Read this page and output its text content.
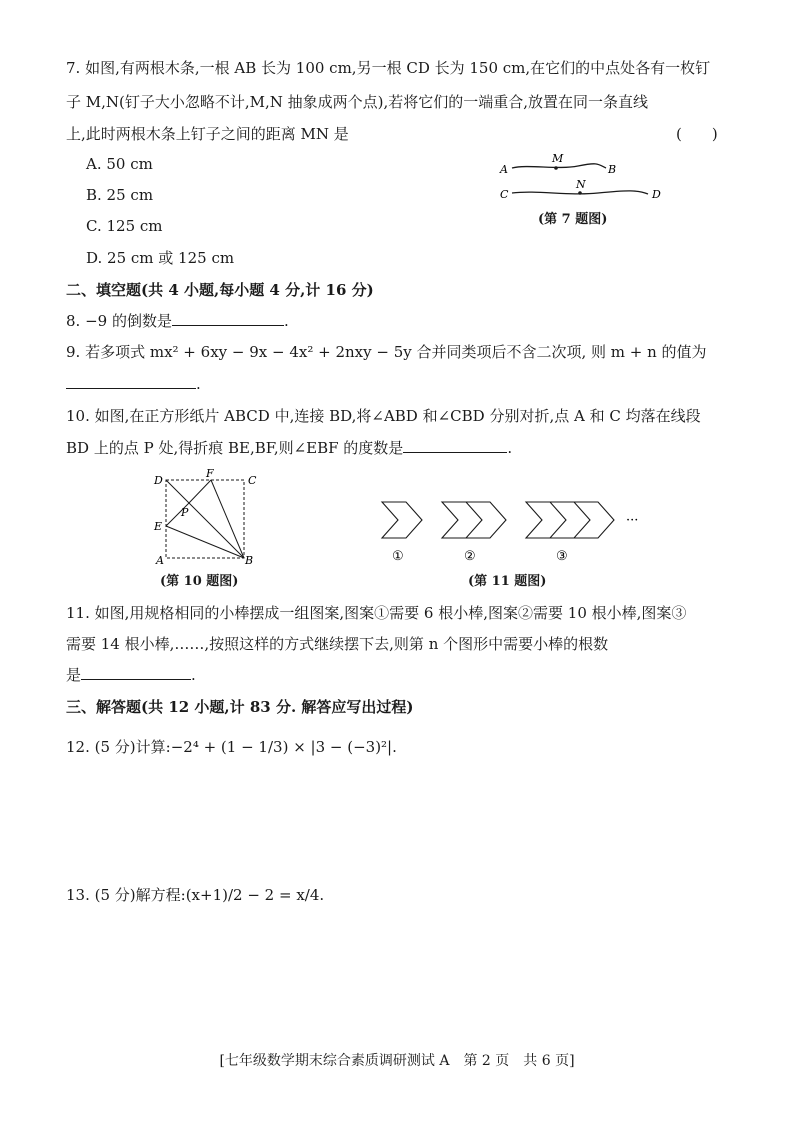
7. 如图,有两根木条,一根 AB 长为 100 cm,另一根 CD 长为 150 cm,在它们的中点处各有一枚钉
子 M,N(钉子大小忽略不计,M,N 抽象成两个点),若将它们的一端重合,放置在同一条直线
上,此时两根木条上钉子之间的距离 MN 是	(　　)
A. 50 cm
B. 25 cm
C. 125 cm
D. 25 cm 或 125 cm
A
M
B
C
N
D
(第 7 题图)
二、填空题(共 4 小题,每小题 4 分,计 16 分)
8. −9 的倒数是	.
9. 若多项式 mx² + 6xy − 9x − 4x² + 2nxy − 5y 合并同类项后不含二次项, 则 m + n 的值为
.
10. 如图,在正方形纸片 ABCD 中,连接 BD,将∠ABD 和∠CBD 分别对折,点 A 和 C 均落在线段
BD 上的点 P 处,得折痕 BE,BF,则∠EBF 的度数是	.
D
F
C
P
E
A	B
(第 10 题图)
···
①	②	③
(第 11 题图)
11. 如图,用规格相同的小棒摆成一组图案,图案①需要 6 根小棒,图案②需要 10 根小棒,图案③
需要 14 根小棒,……,按照这样的方式继续摆下去,则第 n 个图形中需要小棒的根数
是	.
三、解答题(共 12 小题,计 83 分. 解答应写出过程)
12. (5 分)计算:−2⁴ + (1 − 1/3) × |3 − (−3)²|.
13. (5 分)解方程:(x+1)/2 − 2 = x/4.
[七年级数学期末综合素质调研测试 A　第 2 页　共 6 页]
